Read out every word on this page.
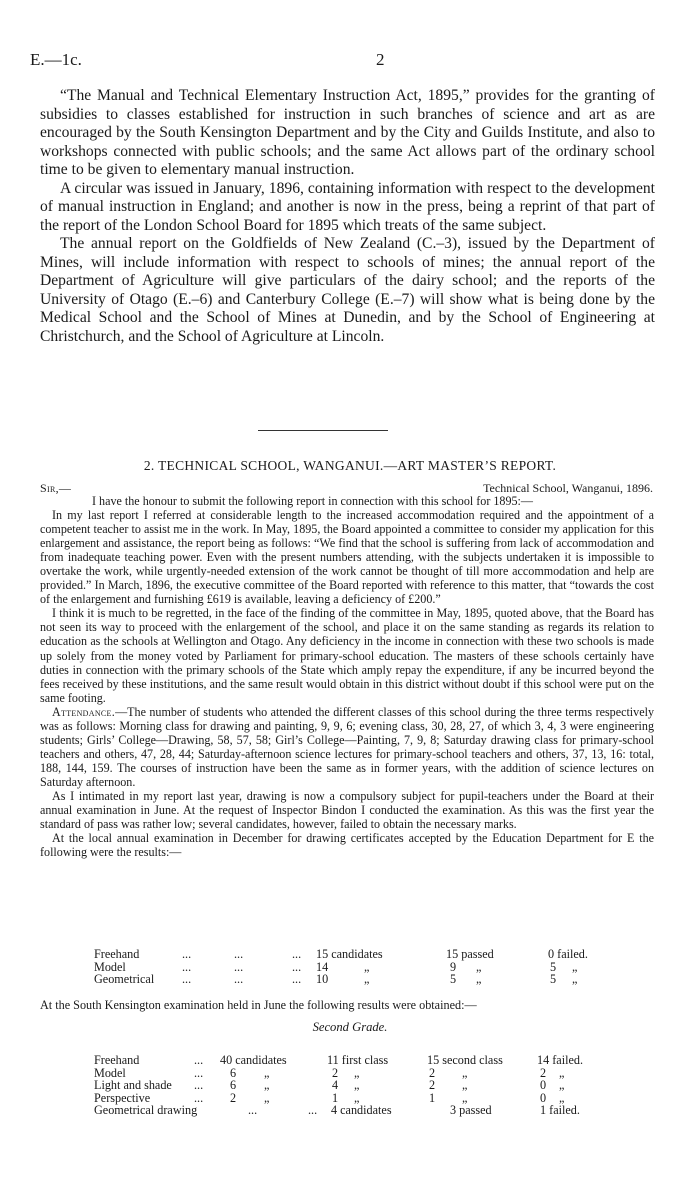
E.—1c.	2

“The Manual and Technical Elementary Instruction Act, 1895,” provides for the granting of subsidies to classes established for instruction in such branches of science and art as are encouraged by the South Kensington Department and by the City and Guilds Institute, and also to workshops connected with public schools; and the same Act allows part of the ordinary school time to be given to elementary manual instruction.

A circular was issued in January, 1896, containing information with respect to the development of manual instruction in England; and another is now in the press, being a reprint of that part of the report of the London School Board for 1895 which treats of the same subject.

The annual report on the Goldfields of New Zealand (C.–3), issued by the Department of Mines, will include information with respect to schools of mines; the annual report of the Department of Agriculture will give particulars of the dairy school; and the reports of the University of Otago (E.–6) and Canterbury College (E.–7) will show what is being done by the Medical School and the School of Mines at Dunedin, and by the School of Engineering at Christchurch, and the School of Agriculture at Lincoln.

2. TECHNICAL SCHOOL, WANGANUI.—ART MASTER’S REPORT.
Sir,—	Technical School, Wanganui, 1896.

I have the honour to submit the following report in connection with this school for 1895:—

In my last report I referred at considerable length to the increased accommodation required and the appointment of a competent teacher to assist me in the work. In May, 1895, the Board appointed a committee to consider my application for this enlargement and assistance, the report being as follows: “We find that the school is suffering from lack of accommodation and from inadequate teaching power. Even with the present numbers attending, with the subjects undertaken it is impossible to overtake the work, while urgently-needed extension of the work cannot be thought of till more accommodation and help are provided.” In March, 1896, the executive committee of the Board reported with reference to this matter, that “towards the cost of the enlargement and furnishing £619 is available, leaving a deficiency of £200.”

I think it is much to be regretted, in the face of the finding of the committee in May, 1895, quoted above, that the Board has not seen its way to proceed with the enlargement of the school, and place it on the same standing as regards its relation to education as the schools at Wellington and Otago. Any deficiency in the income in connection with these two schools is made up solely from the money voted by Parliament for primary-school education. The masters of these schools certainly have duties in connection with the primary schools of the State which amply repay the expenditure, if any be incurred beyond the fees received by these institutions, and the same result would obtain in this district without doubt if this school were put on the same footing.

Attendance.—The number of students who attended the different classes of this school during the three terms respectively was as follows: Morning class for drawing and painting, 9, 9, 6; evening class, 30, 28, 27, of which 3, 4, 3 were engineering students; Girls’ College—Drawing, 58, 57, 58; Girl’s College—Painting, 7, 9, 8; Saturday drawing class for primary-school teachers and others, 47, 28, 44; Saturday-afternoon science lectures for primary-school teachers and others, 37, 13, 16: total, 188, 144, 159. The courses of instruction have been the same as in former years, with the addition of science lectures on Saturday afternoon.

As I intimated in my report last year, drawing is now a compulsory subject for pupil-teachers under the Board at their annual examination in June. At the request of Inspector Bindon I conducted the examination. As this was the first year the standard of pass was rather low; several candidates, however, failed to obtain the necessary marks.

At the local annual examination in December for drawing certificates accepted by the Education Department for E the following were the results:—

Freehand	...	...	... 15 candidates	15 passed	0 failed.
Model	...	...	... 14	„	9 „	5 „
Geometrical ...	...	... 10	„	5 „	5 „
At the South Kensington examination held in June the following results were obtained:—
Second Grade.
Freehand	... 40 candidates	11 first class	15 second class	14 failed.
Model	... 6 „	2 „	2 „	2 „
Light and shade ... 6 „	4 „	2 „	0 „
Perspective	... 2 „	1 „	1 „	0 „
Geometrical drawing	...	... 4 candidates	3 passed	1 failed.
